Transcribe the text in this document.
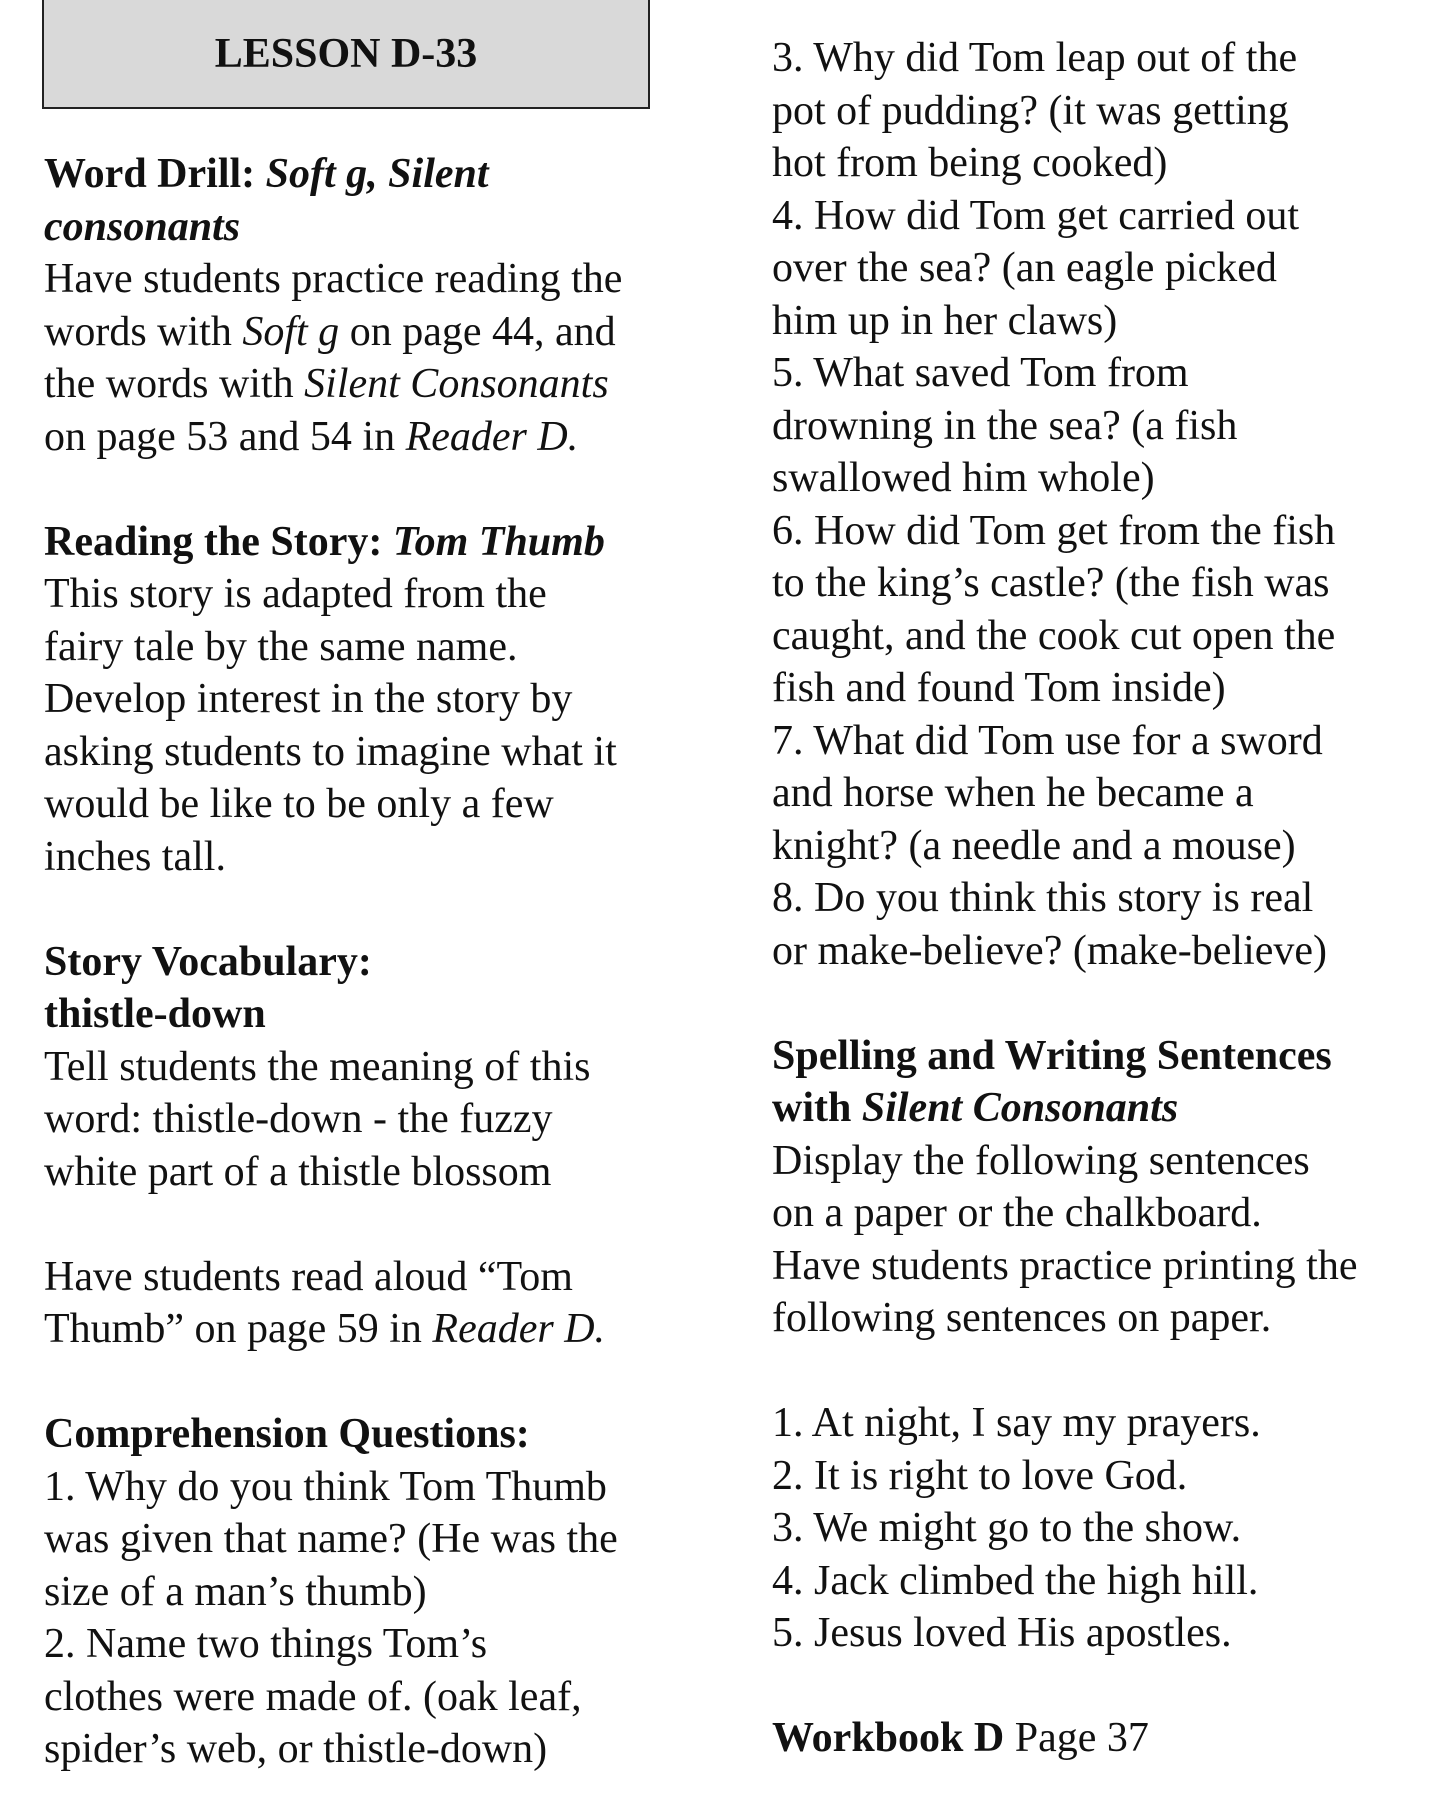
LESSON D-33
Word Drill: Soft g, Silent
consonants
Have students practice reading the
words with Soft g on page 44, and
the words with Silent Consonants
on page 53 and 54 in Reader D.
Reading the Story: Tom Thumb
This story is adapted from the
fairy tale by the same name.
Develop interest in the story by
asking students to imagine what it
would be like to be only a few
inches tall.
Story Vocabulary:
thistle-down
Tell students the meaning of this
word: thistle-down - the fuzzy
white part of a thistle blossom
Have students read aloud “Tom
Thumb” on page 59 in Reader D.
Comprehension Questions:
1. Why do you think Tom Thumb
was given that name? (He was the
size of a man’s thumb)
2. Name two things Tom’s
clothes were made of. (oak leaf,
spider’s web, or thistle-down)
3. Why did Tom leap out of the
pot of pudding? (it was getting
hot from being cooked)
4. How did Tom get carried out
over the sea? (an eagle picked
him up in her claws)
5. What saved Tom from
drowning in the sea? (a fish
swallowed him whole)
6. How did Tom get from the fish
to the king’s castle? (the fish was
caught, and the cook cut open the
fish and found Tom inside)
7. What did Tom use for a sword
and horse when he became a
knight? (a needle and a mouse)
8. Do you think this story is real
or make-believe? (make-believe)
Spelling and Writing Sentences
with Silent Consonants
Display the following sentences
on a paper or the chalkboard.
Have students practice printing the
following sentences on paper.
1. At night, I say my prayers.
2. It is right to love God.
3. We might go to the show.
4. Jack climbed the high hill.
5. Jesus loved His apostles.
Workbook D Page 37
